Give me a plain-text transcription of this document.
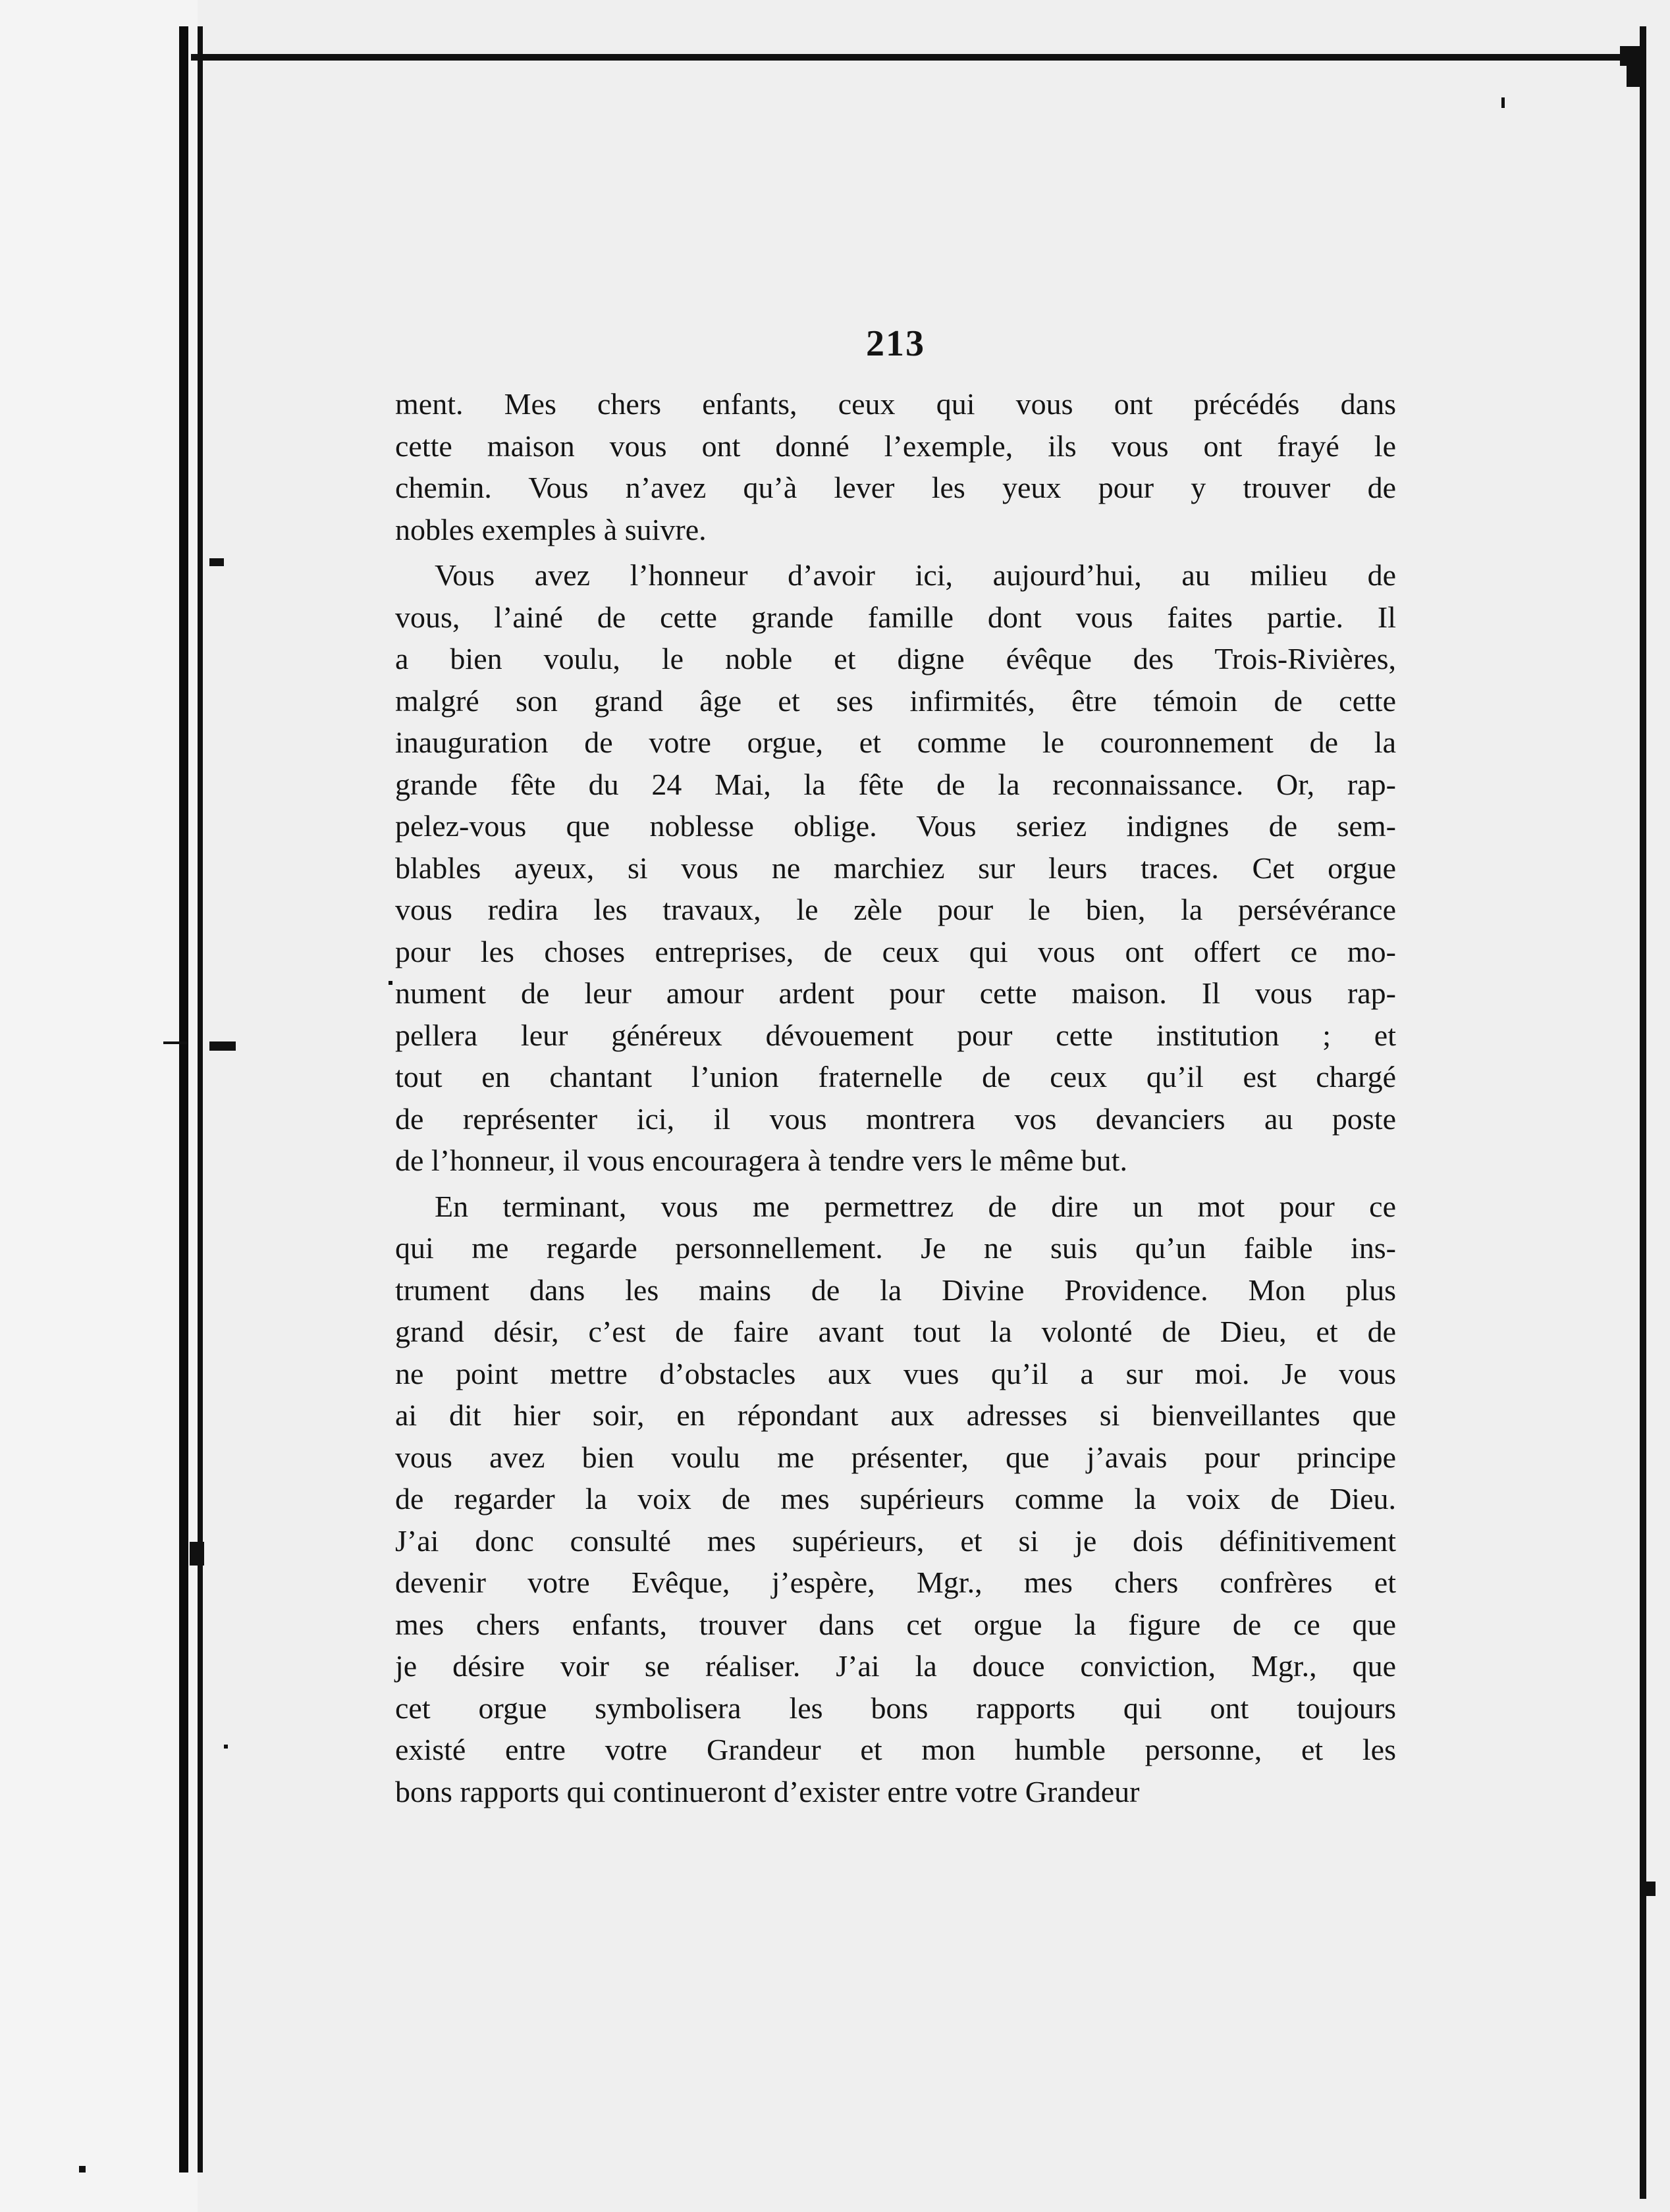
213
ment. Mes chers enfants, ceux qui vous ont précédés dans
cette maison vous ont donné l’exemple, ils vous ont frayé le
chemin. Vous n’avez qu’à lever les yeux pour y trouver de
nobles exemples à suivre.
Vous avez l’honneur d’avoir ici, aujourd’hui, au milieu de
vous, l’ainé de cette grande famille dont vous faites partie. Il
a bien voulu, le noble et digne évêque des Trois-Rivières,
malgré son grand âge et ses infirmités, être témoin de cette
inauguration de votre orgue, et comme le couronnement de la
grande fête du 24 Mai, la fête de la reconnaissance. Or, rap-
pelez-vous que noblesse oblige. Vous seriez indignes de sem-
blables ayeux, si vous ne marchiez sur leurs traces. Cet orgue
vous redira les travaux, le zèle pour le bien, la persévérance
pour les choses entreprises, de ceux qui vous ont offert ce mo-
nument de leur amour ardent pour cette maison. Il vous rap-
pellera leur généreux dévouement pour cette institution ; et
tout en chantant l’union fraternelle de ceux qu’il est chargé
de représenter ici, il vous montrera vos devanciers au poste
de l’honneur, il vous encouragera à tendre vers le même but.
En terminant, vous me permettrez de dire un mot pour ce
qui me regarde personnellement. Je ne suis qu’un faible ins-
trument dans les mains de la Divine Providence. Mon plus
grand désir, c’est de faire avant tout la volonté de Dieu, et de
ne point mettre d’obstacles aux vues qu’il a sur moi. Je vous
ai dit hier soir, en répondant aux adresses si bienveillantes que
vous avez bien voulu me présenter, que j’avais pour principe
de regarder la voix de mes supérieurs comme la voix de Dieu.
J’ai donc consulté mes supérieurs, et si je dois définitivement
devenir votre Evêque, j’espère, Mgr., mes chers confrères et
mes chers enfants, trouver dans cet orgue la figure de ce que
je désire voir se réaliser. J’ai la douce conviction, Mgr., que
cet orgue symbolisera les bons rapports qui ont toujours
existé entre votre Grandeur et mon humble personne, et les
bons rapports qui continueront d’exister entre votre Grandeur
